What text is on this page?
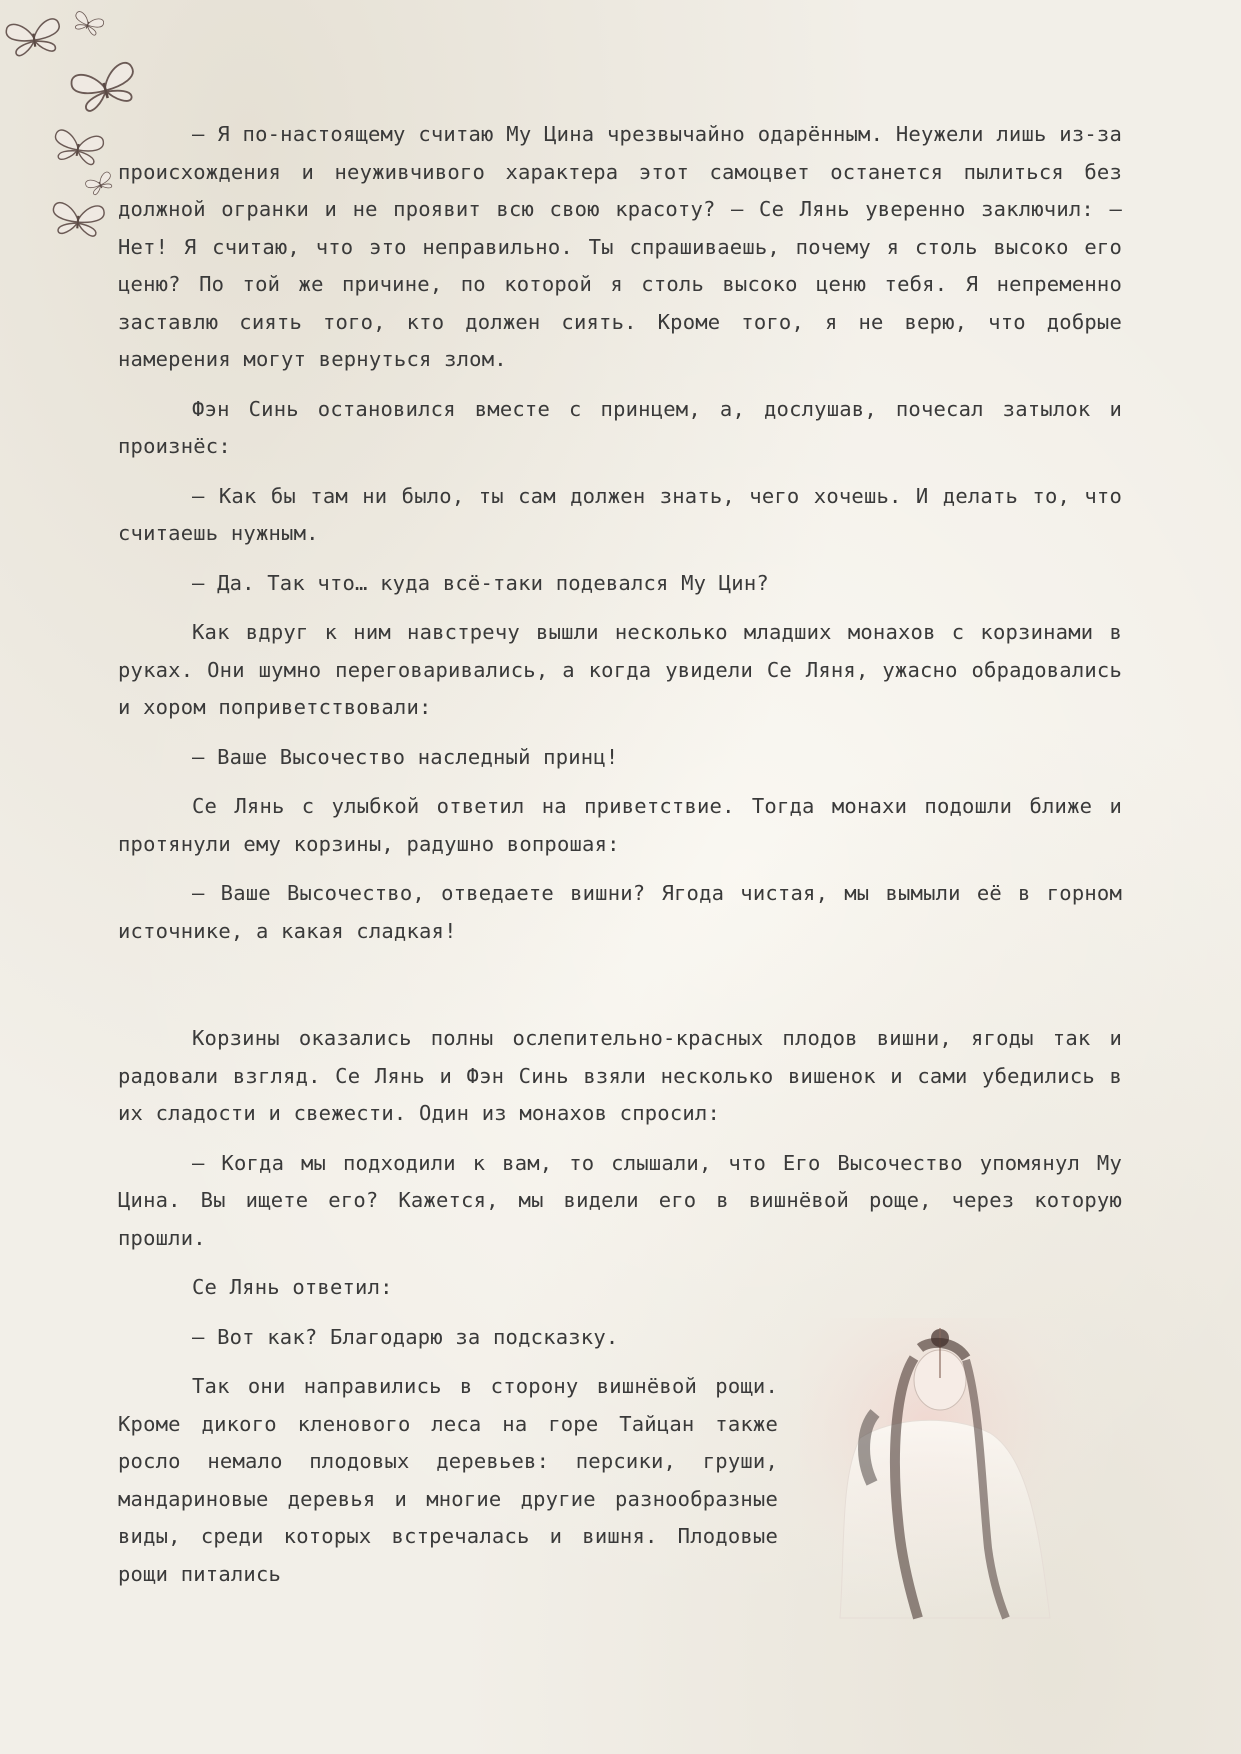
— Я по-настоящему считаю Му Цина чрезвычайно одарённым. Неужели лишь из-за происхождения и неуживчивого характера этот самоцвет останется пылиться без должной огранки и не проявит всю свою красоту? — Се Лянь уверенно заключил: — Нет! Я считаю, что это неправильно. Ты спрашиваешь, почему я столь высоко его ценю? По той же причине, по которой я столь высоко ценю тебя. Я непременно заставлю сиять того, кто должен сиять. Кроме того, я не верю, что добрые намерения могут вернуться злом.

Фэн Синь остановился вместе с принцем, а, дослушав, почесал затылок и произнёс:

— Как бы там ни было, ты сам должен знать, чего хочешь. И делать то, что считаешь нужным.

— Да. Так что… куда всё-таки подевался Му Цин?

Как вдруг к ним навстречу вышли несколько младших монахов с корзинами в руках. Они шумно переговаривались, а когда увидели Се Ляня, ужасно обрадовались и хором поприветствовали:

— Ваше Высочество наследный принц!

Се Лянь с улыбкой ответил на приветствие. Тогда монахи подошли ближе и протянули ему корзины, радушно вопрошая:

— Ваше Высочество, отведаете вишни? Ягода чистая, мы вымыли её в горном источнике, а какая сладкая!

Корзины оказались полны ослепительно-красных плодов вишни, ягоды так и радовали взгляд. Се Лянь и Фэн Синь взяли несколько вишенок и сами убедились в их сладости и свежести. Один из монахов спросил:

— Когда мы подходили к вам, то слышали, что Его Высочество упомянул Му Цина. Вы ищете его? Кажется, мы видели его в вишнёвой роще, через которую прошли.

Се Лянь ответил:

— Вот как? Благодарю за подсказку.

Так они направились в сторону вишнёвой рощи. Кроме дикого кленового леса на горе Тайцан также росло немало плодовых деревьев: персики, груши, мандариновые деревья и многие другие разнообразные виды, среди которых встречалась и вишня. Плодовые рощи питались
